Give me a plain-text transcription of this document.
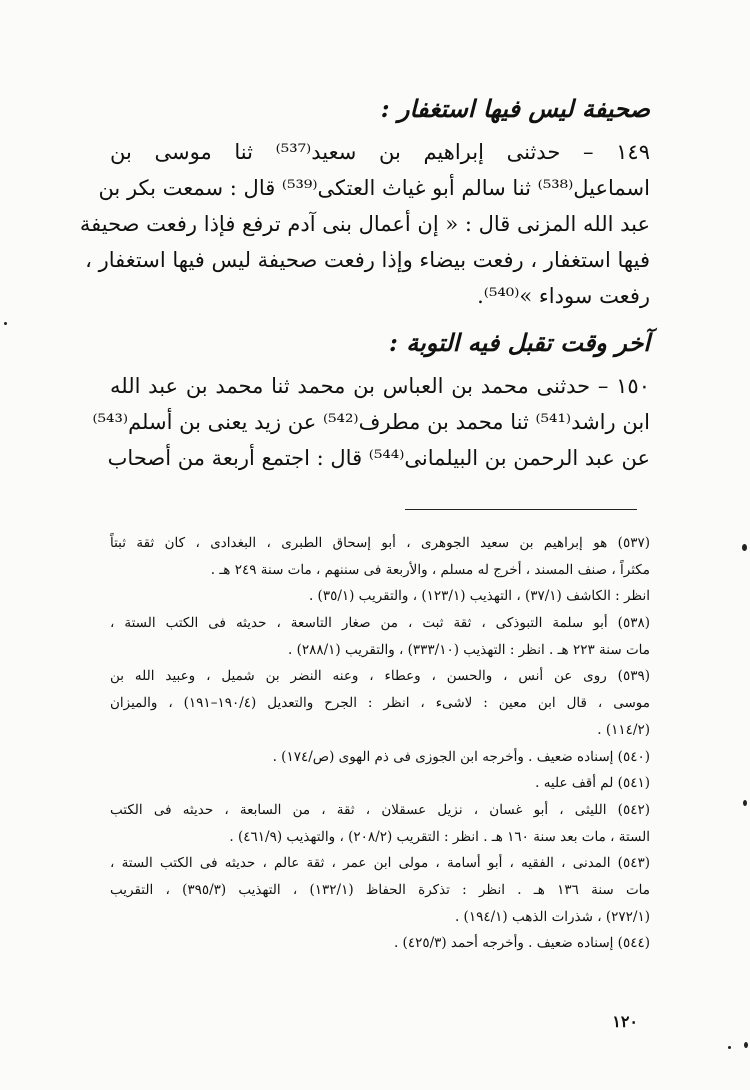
صحيفة ليس فيها استغفار :
١٤٩ – حدثنى إبراهيم بن سعيد⁽⁵³⁷⁾ ثنا موسى بن
اسماعيل⁽⁵³⁸⁾ ثنا سالم أبو غياث العتكى⁽⁵³⁹⁾ قال : سمعت بكر بن
عبد الله المزنى قال : « إن أعمال بنى آدم ترفع فإذا رفعت صحيفة
فيها استغفار ، رفعت بيضاء وإذا رفعت صحيفة ليس فيها استغفار ،
رفعت سوداء »⁽⁵⁴⁰⁾.
آخر وقت تقبل فيه التوبة :
١٥٠ – حدثنى محمد بن العباس بن محمد ثنا محمد بن عبد الله
ابن راشد⁽⁵⁴¹⁾ ثنا محمد بن مطرف⁽⁵⁴²⁾ عن زيد يعنى بن أسلم⁽⁵⁴³⁾
عن عبد الرحمن بن البيلمانى⁽⁵⁴⁴⁾ قال : اجتمع أربعة من أصحاب
(٥٣٧) هو إبراهيم بن سعيد الجوهرى ، أبو إسحاق الطبرى ، البغدادى ، كان ثقة ثبتاً
مكثراً ، صنف المسند ، أخرج له مسلم ، والأربعة فى سننهم ، مات سنة ٢٤٩ هـ .
انظر : الكاشف (٣٧/١) ، التهذيب (١٢٣/١) ، والتقريب (٣٥/١) .
(٥٣٨) أبو سلمة التبوذكى ، ثقة ثبت ، من صغار التاسعة ، حديثه فى الكتب الستة ،
مات سنة ٢٢٣ هـ . انظر : التهذيب (٣٣٣/١٠) ، والتقريب (٢٨٨/١) .
(٥٣٩) روى عن أنس ، والحسن ، وعطاء ، وعنه النضر بن شميل ، وعبيد الله بن
موسى ، قال ابن معين : لاشىء ، انظر : الجرح والتعديل (١٩٠/٤–١٩١) ، والميزان
(١١٤/٢) .
(٥٤٠) إسناده ضعيف . وأخرجه ابن الجوزى فى ذم الهوى (ص/١٧٤) .
(٥٤١) لم أقف عليه .
(٥٤٢) الليثى ، أبو غسان ، نزيل عسقلان ، ثقة ، من السابعة ، حديثه فى الكتب
الستة ، مات بعد سنة ١٦٠ هـ . انظر : التقريب (٢٠٨/٢) ، والتهذيب (٤٦١/٩) .
(٥٤٣) المدنى ، الفقيه ، أبو أسامة ، مولى ابن عمر ، ثقة عالم ، حديثه فى الكتب الستة ،
مات سنة ١٣٦ هـ . انظر : تذكرة الحفاظ (١٣٢/١) ، التهذيب (٣٩٥/٣) ، التقريب
(٢٧٢/١) ، شذرات الذهب (١٩٤/١) .
(٥٤٤) إسناده ضعيف . وأخرجه أحمد (٤٢٥/٣) .
١٢٠
